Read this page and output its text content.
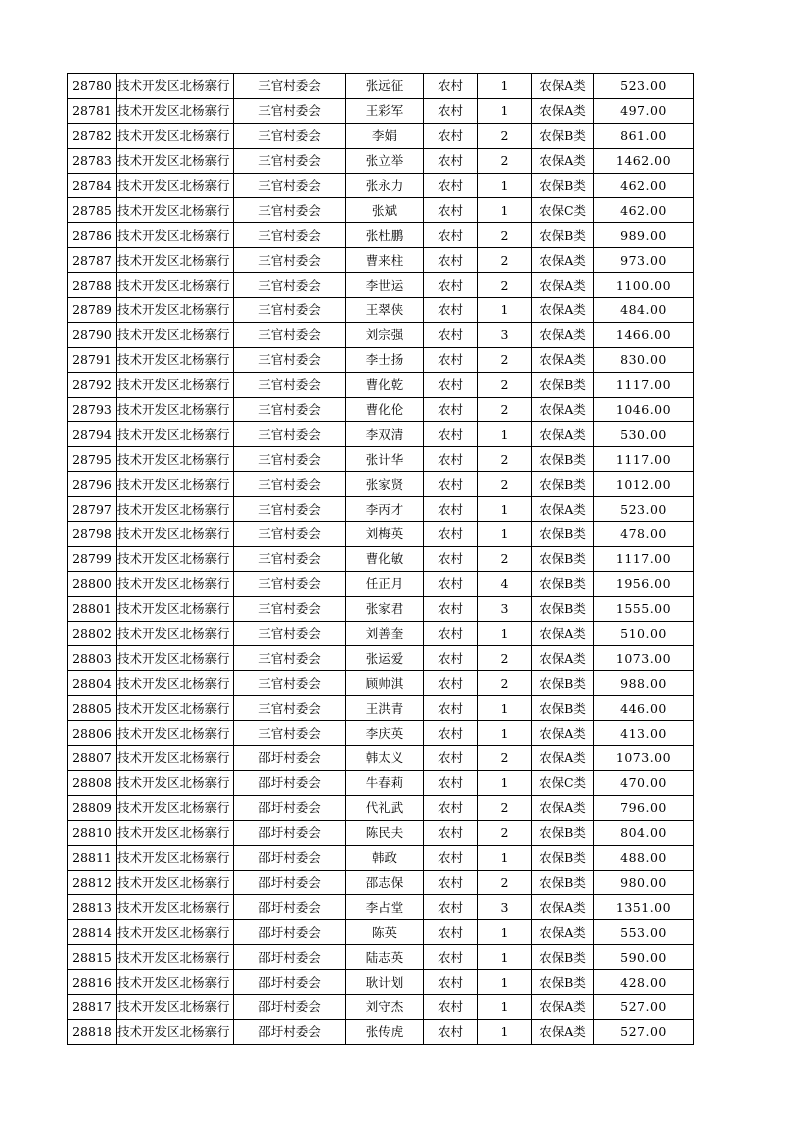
28780	技术开发区北杨寨行	三官村委会	张远征	农村	1	农保A类	523.00
28781	技术开发区北杨寨行	三官村委会	王彩军	农村	1	农保A类	497.00
28782	技术开发区北杨寨行	三官村委会	李娟	农村	2	农保B类	861.00
28783	技术开发区北杨寨行	三官村委会	张立举	农村	2	农保A类	1462.00
28784	技术开发区北杨寨行	三官村委会	张永力	农村	1	农保B类	462.00
28785	技术开发区北杨寨行	三官村委会	张斌	农村	1	农保C类	462.00
28786	技术开发区北杨寨行	三官村委会	张杜鹏	农村	2	农保B类	989.00
28787	技术开发区北杨寨行	三官村委会	曹来柱	农村	2	农保A类	973.00
28788	技术开发区北杨寨行	三官村委会	李世运	农村	2	农保A类	1100.00
28789	技术开发区北杨寨行	三官村委会	王翠侠	农村	1	农保A类	484.00
28790	技术开发区北杨寨行	三官村委会	刘宗强	农村	3	农保A类	1466.00
28791	技术开发区北杨寨行	三官村委会	李士扬	农村	2	农保A类	830.00
28792	技术开发区北杨寨行	三官村委会	曹化乾	农村	2	农保B类	1117.00
28793	技术开发区北杨寨行	三官村委会	曹化伦	农村	2	农保A类	1046.00
28794	技术开发区北杨寨行	三官村委会	李双清	农村	1	农保A类	530.00
28795	技术开发区北杨寨行	三官村委会	张计华	农村	2	农保B类	1117.00
28796	技术开发区北杨寨行	三官村委会	张家贤	农村	2	农保B类	1012.00
28797	技术开发区北杨寨行	三官村委会	李丙才	农村	1	农保A类	523.00
28798	技术开发区北杨寨行	三官村委会	刘梅英	农村	1	农保B类	478.00
28799	技术开发区北杨寨行	三官村委会	曹化敏	农村	2	农保B类	1117.00
28800	技术开发区北杨寨行	三官村委会	任正月	农村	4	农保B类	1956.00
28801	技术开发区北杨寨行	三官村委会	张家君	农村	3	农保B类	1555.00
28802	技术开发区北杨寨行	三官村委会	刘善奎	农村	1	农保A类	510.00
28803	技术开发区北杨寨行	三官村委会	张运爱	农村	2	农保A类	1073.00
28804	技术开发区北杨寨行	三官村委会	顾帅淇	农村	2	农保B类	988.00
28805	技术开发区北杨寨行	三官村委会	王洪青	农村	1	农保B类	446.00
28806	技术开发区北杨寨行	三官村委会	李庆英	农村	1	农保A类	413.00
28807	技术开发区北杨寨行	邵圩村委会	韩太义	农村	2	农保A类	1073.00
28808	技术开发区北杨寨行	邵圩村委会	牛春莉	农村	1	农保C类	470.00
28809	技术开发区北杨寨行	邵圩村委会	代礼武	农村	2	农保A类	796.00
28810	技术开发区北杨寨行	邵圩村委会	陈民夫	农村	2	农保B类	804.00
28811	技术开发区北杨寨行	邵圩村委会	韩政	农村	1	农保B类	488.00
28812	技术开发区北杨寨行	邵圩村委会	邵志保	农村	2	农保B类	980.00
28813	技术开发区北杨寨行	邵圩村委会	李占堂	农村	3	农保A类	1351.00
28814	技术开发区北杨寨行	邵圩村委会	陈英	农村	1	农保A类	553.00
28815	技术开发区北杨寨行	邵圩村委会	陆志英	农村	1	农保B类	590.00
28816	技术开发区北杨寨行	邵圩村委会	耿计划	农村	1	农保B类	428.00
28817	技术开发区北杨寨行	邵圩村委会	刘守杰	农村	1	农保A类	527.00
28818	技术开发区北杨寨行	邵圩村委会	张传虎	农村	1	农保A类	527.00
